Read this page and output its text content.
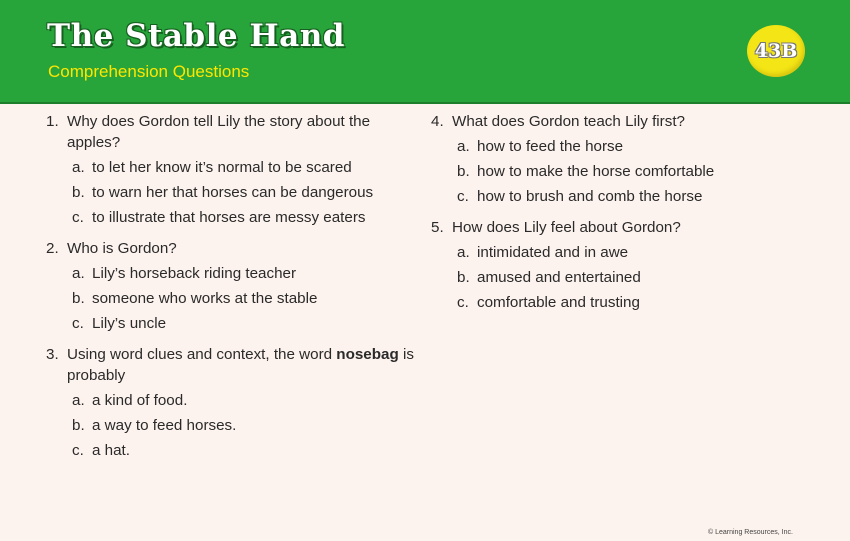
The Stable Hand
Comprehension Questions
43B
1. Why does Gordon tell Lily the story about the apples?
a. to let her know it’s normal to be scared
b. to warn her that horses can be dangerous
c. to illustrate that horses are messy eaters
2. Who is Gordon?
a. Lily’s horseback riding teacher
b. someone who works at the stable
c. Lily’s uncle
3. Using word clues and context, the word nosebag is probably
a. a kind of food.
b. a way to feed horses.
c. a hat.
4. What does Gordon teach Lily first?
a. how to feed the horse
b. how to make the horse comfortable
c. how to brush and comb the horse
5. How does Lily feel about Gordon?
a. intimidated and in awe
b. amused and entertained
c. comfortable and trusting
© Learning Resources, Inc.
